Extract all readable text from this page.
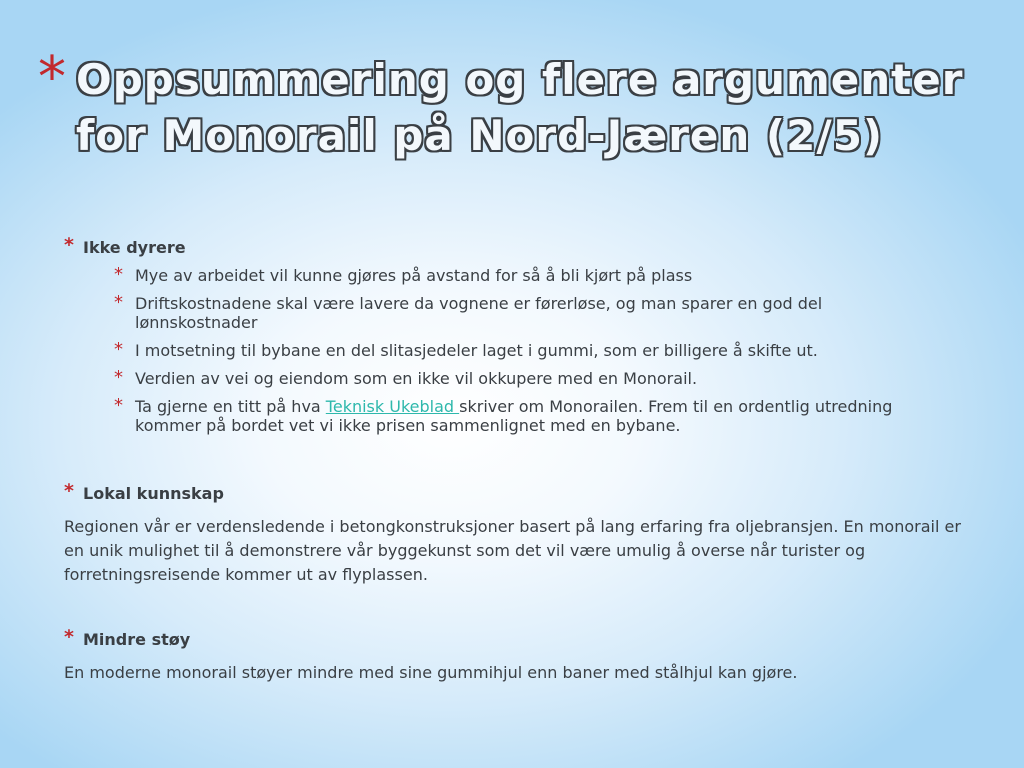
* Oppsummering og flere argumenter
for Monorail på Nord-Jæren (2/5)
* Ikke dyrere
* Mye av arbeidet vil kunne gjøres på avstand for så å bli kjørt på plass
* Driftskostnadene skal være lavere da vognene er førerløse, og man sparer en god del lønnskostnader
* I motsetning til bybane en del slitasjedeler laget i gummi, som er billigere å skifte ut.
* Verdien av vei og eiendom som en ikke vil okkupere med en Monorail.
* Ta gjerne en titt på hva Teknisk Ukeblad skriver om Monorailen. Frem til en ordentlig utredning kommer på bordet vet vi ikke prisen sammenlignet med en bybane.
* Lokal kunnskap
Regionen vår er verdensledende i betongkonstruksjoner basert på lang erfaring fra oljebransjen. En monorail er en unik mulighet til å demonstrere vår byggekunst som det vil være umulig å overse når turister og forretningsreisende kommer ut av flyplassen.
* Mindre støy
En moderne monorail støyer mindre med sine gummihjul enn baner med stålhjul kan gjøre.
